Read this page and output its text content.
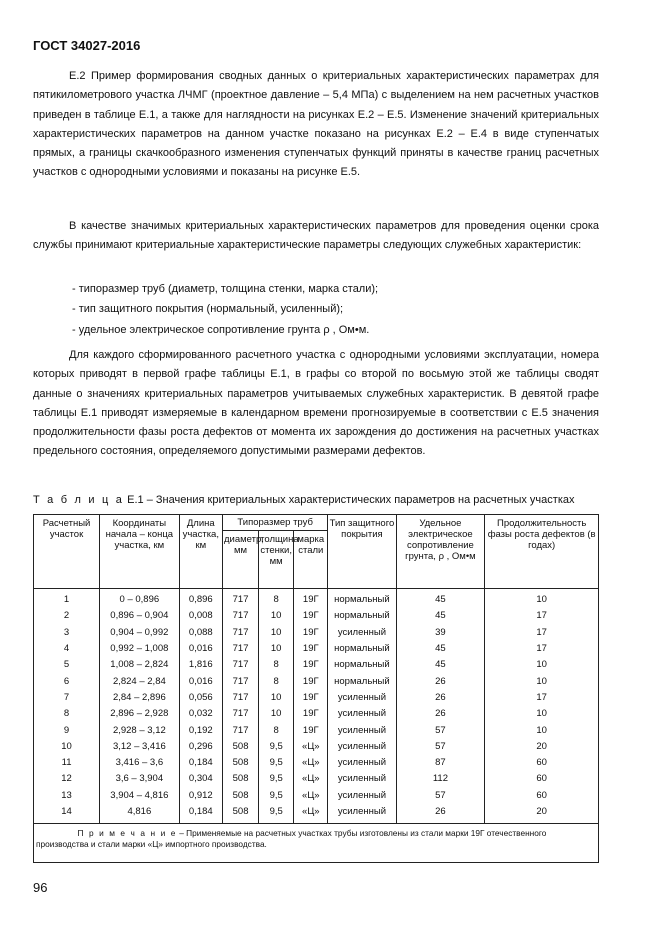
ГОСТ 34027-2016

Е.2 Пример формирования сводных данных о критериальных характеристических параметрах для пятикилометрового участка ЛЧМГ (проектное давление – 5,4 МПа) с выделением на нем расчетных участков приведен в таблице Е.1, а также для наглядности на рисунках Е.2 – Е.5. Изменение значений критериальных характеристических параметров на данном участке показано на рисунках Е.2 – Е.4 в виде ступенчатых прямых, а границы скачкообразного изменения ступенчатых функций приняты в качестве границ расчетных участков с однородными условиями и показаны на рисунке Е.5.

В качестве значимых критериальных характеристических параметров для проведения оценки срока службы принимают критериальные характеристические параметры следующих служебных характеристик:

- типоразмер труб (диаметр, толщина стенки, марка стали);

- тип защитного покрытия (нормальный, усиленный);

- удельное электрическое сопротивление грунта ρ , Ом•м.

Для каждого сформированного расчетного участка с однородными условиями эксплуатации, номера которых приводят в первой графе таблицы Е.1, в графы со второй по восьмую этой же таблицы сводят данные о значениях критериальных параметров учитываемых служебных характеристик. В девятой графе таблицы Е.1 приводят измеряемые в календарном времени прогнозируемые в соответствии с Е.5 значения продолжительности фазы роста дефектов от момента их зарождения до достижения на расчетных участках предельного состояния, определяемого допустимыми размерами дефектов.

Т а б л и ц а Е.1 – Значения критериальных характеристических параметров на расчетных участках
Расчетный участок	Координаты начала – конца участка, км	Длина участка, км	Типоразмер труб			Тип защитного покрытия	Удельное электрическое сопротивление грунта, ρ , Ом•м	Продолжительность фазы роста дефектов (в годах)
			диаметр, мм	толщина стенки, мм	марка стали			
1	0 – 0,896	0,896	717	8	19Г	нормальный	45	10
2	0,896 – 0,904	0,008	717	10	19Г	нормальный	45	17
3	0,904 – 0,992	0,088	717	10	19Г	усиленный	39	17
4	0,992 – 1,008	0,016	717	10	19Г	нормальный	45	17
5	1,008 – 2,824	1,816	717	8	19Г	нормальный	45	10
6	2,824 – 2,84	0,016	717	8	19Г	нормальный	26	10
7	2,84 – 2,896	0,056	717	10	19Г	усиленный	26	17
8	2,896 – 2,928	0,032	717	10	19Г	усиленный	26	10
9	2,928 – 3,12	0,192	717	8	19Г	усиленный	57	10
10	3,12 – 3,416	0,296	508	9,5	«Ц»	усиленный	57	20
11	3,416 – 3,6	0,184	508	9,5	«Ц»	усиленный	87	60
12	3,6 – 3,904	0,304	508	9,5	«Ц»	усиленный	112	60
13	3,904 – 4,816	0,912	508	9,5	«Ц»	усиленный	57	60
14	4,816	0,184	508	9,5	«Ц»	усиленный	26	20
     П р и м е ч а н и е – Применяемые на расчетных участках трубы изготовлены из стали марки 19Г отечественного производства и стали марки «Ц» импортного производства.								
96
